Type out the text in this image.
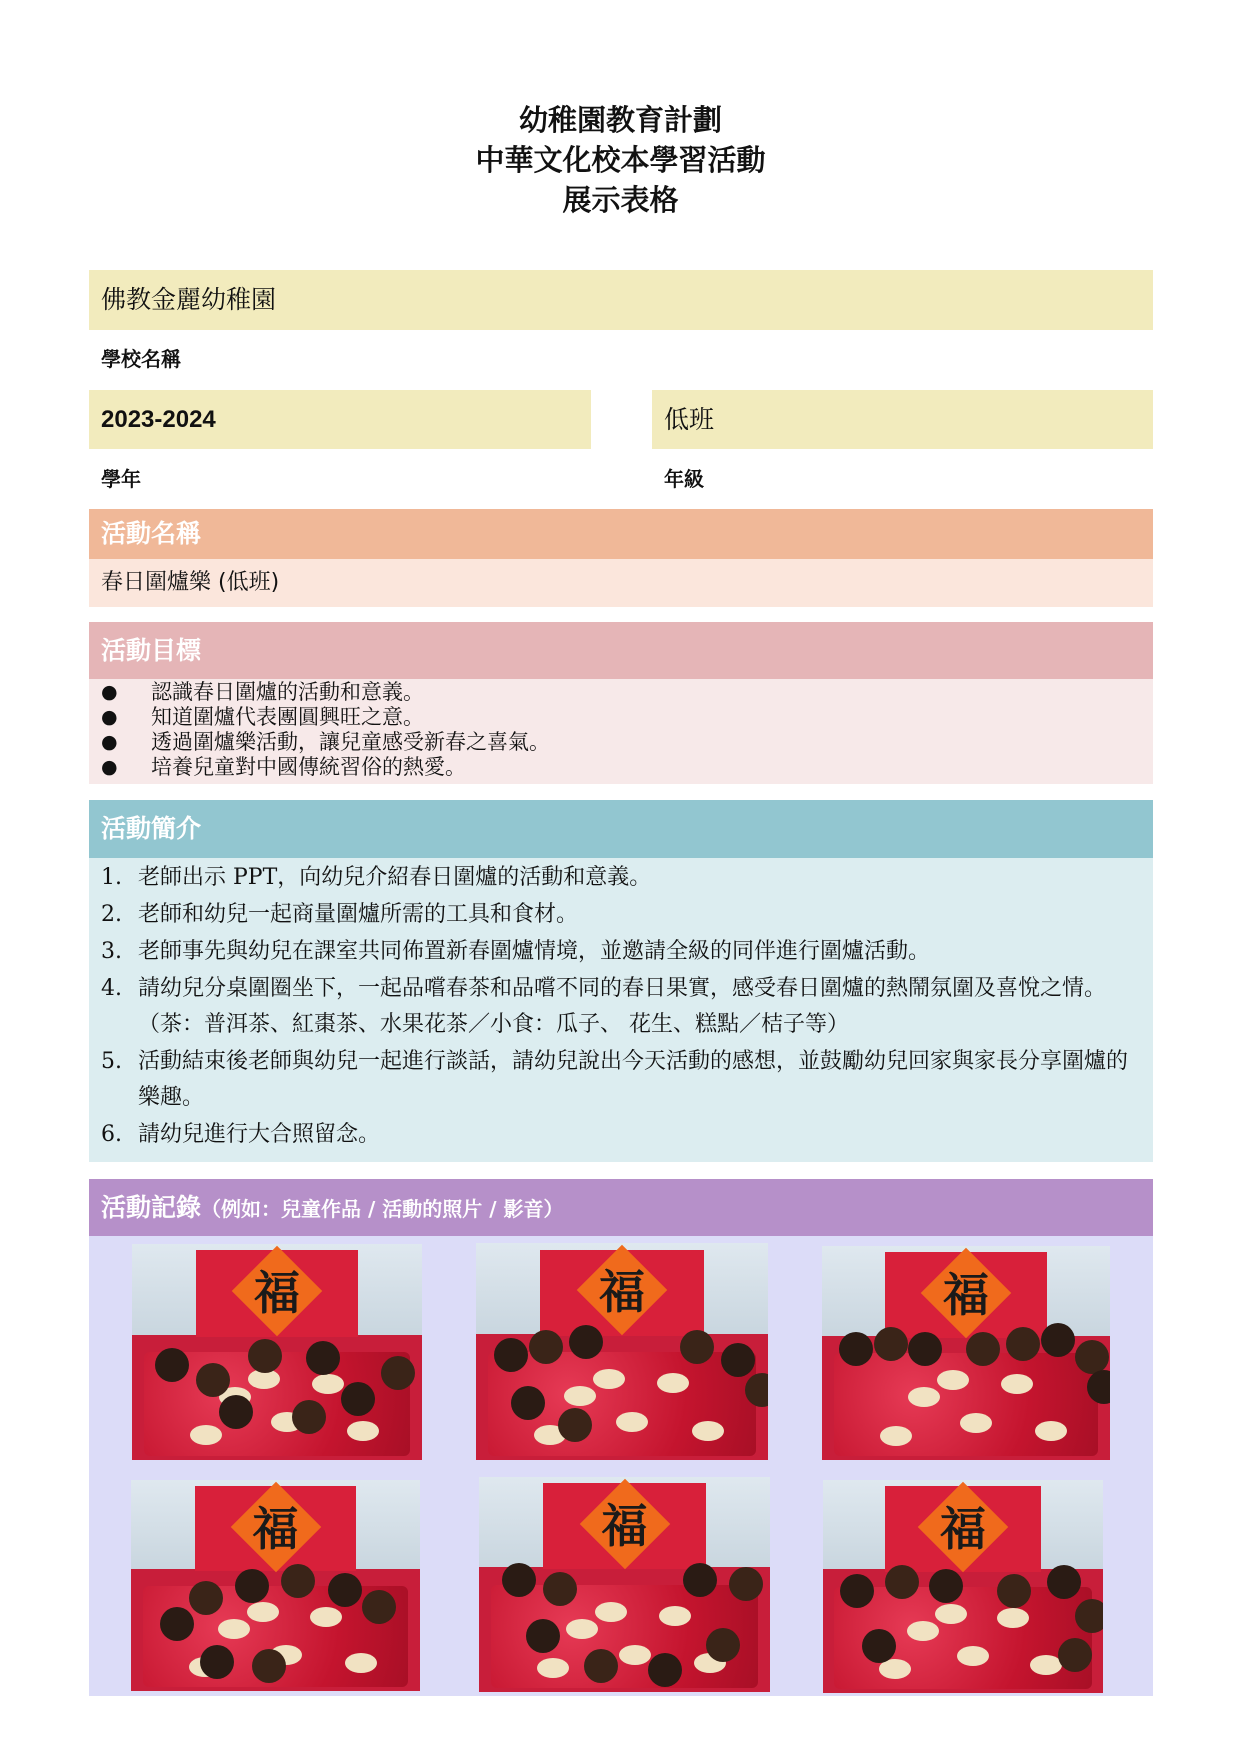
幼稚園教育計劃
中華文化校本學習活動
展示表格
佛教金麗幼稚園
學校名稱
2023-2024	低班
學年	年級
活動名稱
春日圍爐樂 (低班)
活動目標
● 認識春日圍爐的活動和意義。
● 知道圍爐代表團圓興旺之意。
● 透過圍爐樂活動，讓兒童感受新春之喜氣。
● 培養兒童對中國傳統習俗的熱愛。
活動簡介
1. 老師出示 PPT，向幼兒介紹春日圍爐的活動和意義。
2. 老師和幼兒一起商量圍爐所需的工具和食材。
3. 老師事先與幼兒在課室共同佈置新春圍爐情境，並邀請全級的同伴進行圍爐活動。
4. 請幼兒分桌圍圈坐下，一起品嚐春茶和品嚐不同的春日果實，感受春日圍爐的熱鬧氛圍及喜悅之情。（茶：普洱茶、紅棗茶、水果花茶／小食：瓜子、 花生、糕點／桔子等）
5. 活動結束後老師與幼兒一起進行談話，請幼兒說出今天活動的感想，並鼓勵幼兒回家與家長分享圍爐的樂趣。
6. 請幼兒進行大合照留念。
活動記錄（例如：兒童作品 / 活動的照片 / 影音）
福	福	福
福	福	福
